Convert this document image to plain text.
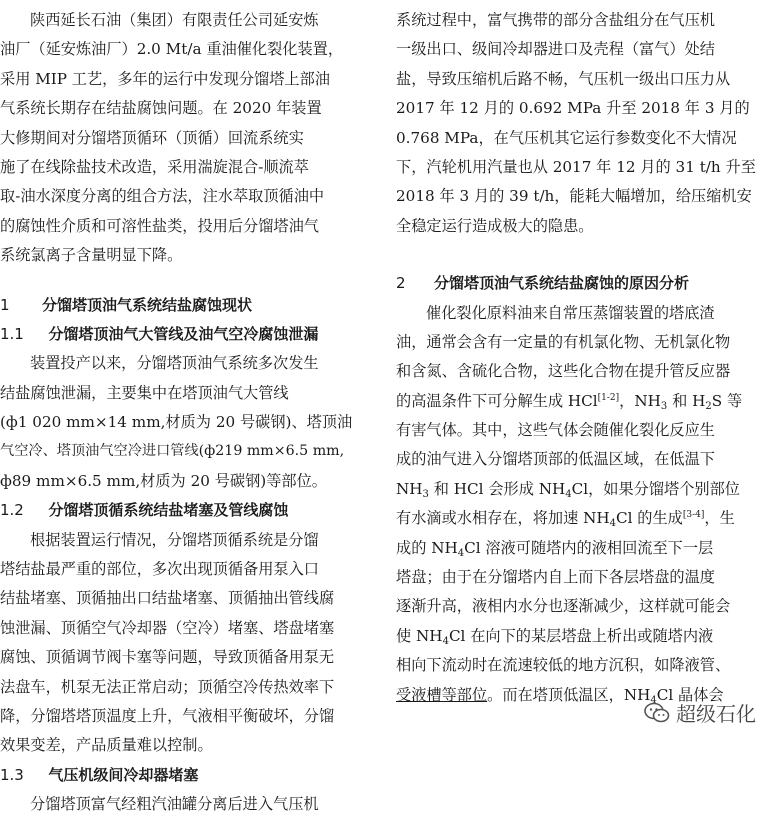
陕西延长石油（集团）有限责任公司延安炼
油厂（延安炼油厂）2.0 Mt/a 重油催化裂化装置，
采用 MIP 工艺，多年的运行中发现分馏塔上部油
气系统长期存在结盐腐蚀问题。在 2020 年装置
大修期间对分馏塔顶循环（顶循）回流系统实
施了在线除盐技术改造，采用湍旋混合-顺流萃
取-油水深度分离的组合方法，注水萃取顶循油中
的腐蚀性介质和可溶性盐类，投用后分馏塔油气
系统氯离子含量明显下降。
1 分馏塔顶油气系统结盐腐蚀现状
1.1 分馏塔顶油气大管线及油气空冷腐蚀泄漏
装置投产以来，分馏塔顶油气系统多次发生
结盐腐蚀泄漏，主要集中在塔顶油气大管线
(ф1 020 mm×14 mm,材质为 20 号碳钢)、塔顶油
气空冷、塔顶油气空冷进口管线(ф219 mm×6.5 mm,
ф89 mm×6.5 mm,材质为 20 号碳钢)等部位。
1.2 分馏塔顶循系统结盐堵塞及管线腐蚀
根据装置运行情况，分馏塔顶循系统是分馏
塔结盐最严重的部位，多次出现顶循备用泵入口
结盐堵塞、顶循抽出口结盐堵塞、顶循抽出管线腐
蚀泄漏、顶循空气冷却器（空冷）堵塞、塔盘堵塞
腐蚀、顶循调节阀卡塞等问题，导致顶循备用泵无
法盘车，机泵无法正常启动；顶循空冷传热效率下
降，分馏塔塔顶温度上升，气液相平衡破坏，分馏
效果变差，产品质量难以控制。
1.3 气压机级间冷却器堵塞
分馏塔顶富气经粗汽油罐分离后进入气压机
系统过程中，富气携带的部分含盐组分在气压机
一级出口、级间冷却器进口及壳程（富气）处结
盐，导致压缩机后路不畅，气压机一级出口压力从
2017 年 12 月的 0.692 MPa 升至 2018 年 3 月的
0.768 MPa，在气压机其它运行参数变化不大情况
下，汽轮机用汽量也从 2017 年 12 月的 31 t/h 升至
2018 年 3 月的 39 t/h，能耗大幅增加，给压缩机安
全稳定运行造成极大的隐患。
2 分馏塔顶油气系统结盐腐蚀的原因分析
催化裂化原料油来自常压蒸馏装置的塔底渣
油，通常会含有一定量的有机氯化物、无机氯化物
和含氮、含硫化合物，这些化合物在提升管反应器
的高温条件下可分解生成 HCl[1-2]，$NH_3$ 和 $H_2S$ 等
有害气体。其中，这些气体会随催化裂化反应生
成的油气进入分馏塔顶部的低温区域，在低温下
$NH_3$ 和 HCl 会形成 $NH_4Cl$，如果分馏塔个别部位
有水滴或水相存在，将加速 $NH_4Cl$ 的生成[3-4]，生
成的 $NH_4Cl$ 溶液可随塔内的液相回流至下一层
塔盘；由于在分馏塔内自上而下各层塔盘的温度
逐渐升高，液相内水分也逐渐减少，这样就可能会
使 $NH_4Cl$ 在向下的某层塔盘上析出或随塔内液
相向下流动时在流速较低的地方沉积，如降液管、
受液槽等部位。而在塔顶低温区，$NH_4Cl$ 晶体会
超级石化
